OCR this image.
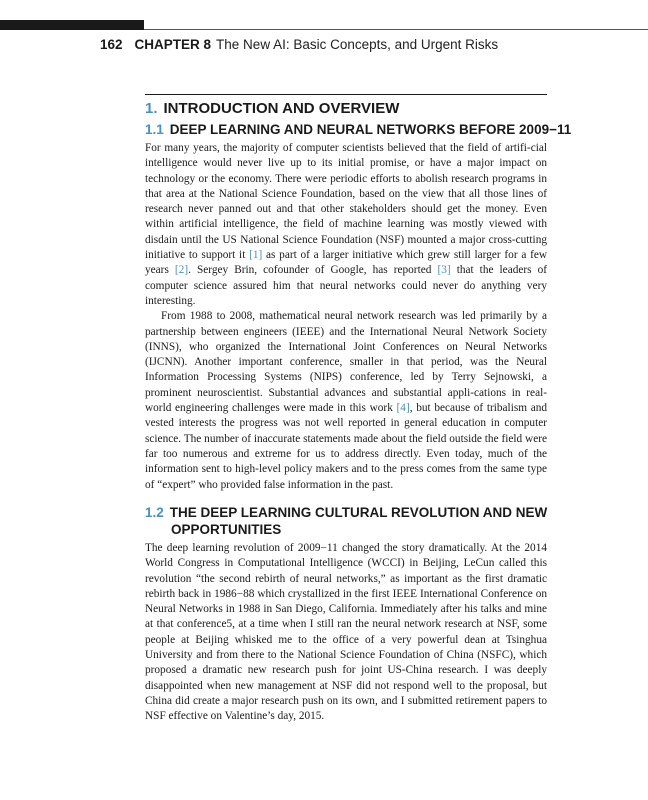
162 CHAPTER 8 The New AI: Basic Concepts, and Urgent Risks
1. INTRODUCTION AND OVERVIEW
1.1 DEEP LEARNING AND NEURAL NETWORKS BEFORE 2009−11

For many years, the majority of computer scientists believed that the field of artifi-cial intelligence would never live up to its initial promise, or have a major impact on technology or the economy. There were periodic efforts to abolish research programs in that area at the National Science Foundation, based on the view that all those lines of research never panned out and that other stakeholders should get the money. Even within artificial intelligence, the field of machine learning was mostly viewed with disdain until the US National Science Foundation (NSF) mounted a major cross-cutting initiative to support it [1] as part of a larger initiative which grew still larger for a few years [2]. Sergey Brin, cofounder of Google, has reported [3] that the leaders of computer science assured him that neural networks could never do anything very interesting.

From 1988 to 2008, mathematical neural network research was led primarily by a partnership between engineers (IEEE) and the International Neural Network Society (INNS), who organized the International Joint Conferences on Neural Networks (IJCNN). Another important conference, smaller in that period, was the Neural Information Processing Systems (NIPS) conference, led by Terry Sejnowski, a prominent neuroscientist. Substantial advances and substantial appli-cations in real-world engineering challenges were made in this work [4], but because of tribalism and vested interests the progress was not well reported in general education in computer science. The number of inaccurate statements made about the field outside the field were far too numerous and extreme for us to address directly. Even today, much of the information sent to high-level policy makers and to the press comes from the same type of “expert” who provided false information in the past.

1.2 THE DEEP LEARNING CULTURAL REVOLUTION AND NEW
OPPORTUNITIES

The deep learning revolution of 2009−11 changed the story dramatically. At the 2014 World Congress in Computational Intelligence (WCCI) in Beijing, LeCun called this revolution “the second rebirth of neural networks,” as important as the first dramatic rebirth back in 1986−88 which crystallized in the first IEEE International Conference on Neural Networks in 1988 in San Diego, California. Immediately after his talks and mine at that conference5, at a time when I still ran the neural network research at NSF, some people at Beijing whisked me to the office of a very powerful dean at Tsinghua University and from there to the National Science Foundation of China (NSFC), which proposed a dramatic new research push for joint US-China research. I was deeply disappointed when new management at NSF did not respond well to the proposal, but China did create a major research push on its own, and I submitted retirement papers to NSF effective on Valentine’s day, 2015.
